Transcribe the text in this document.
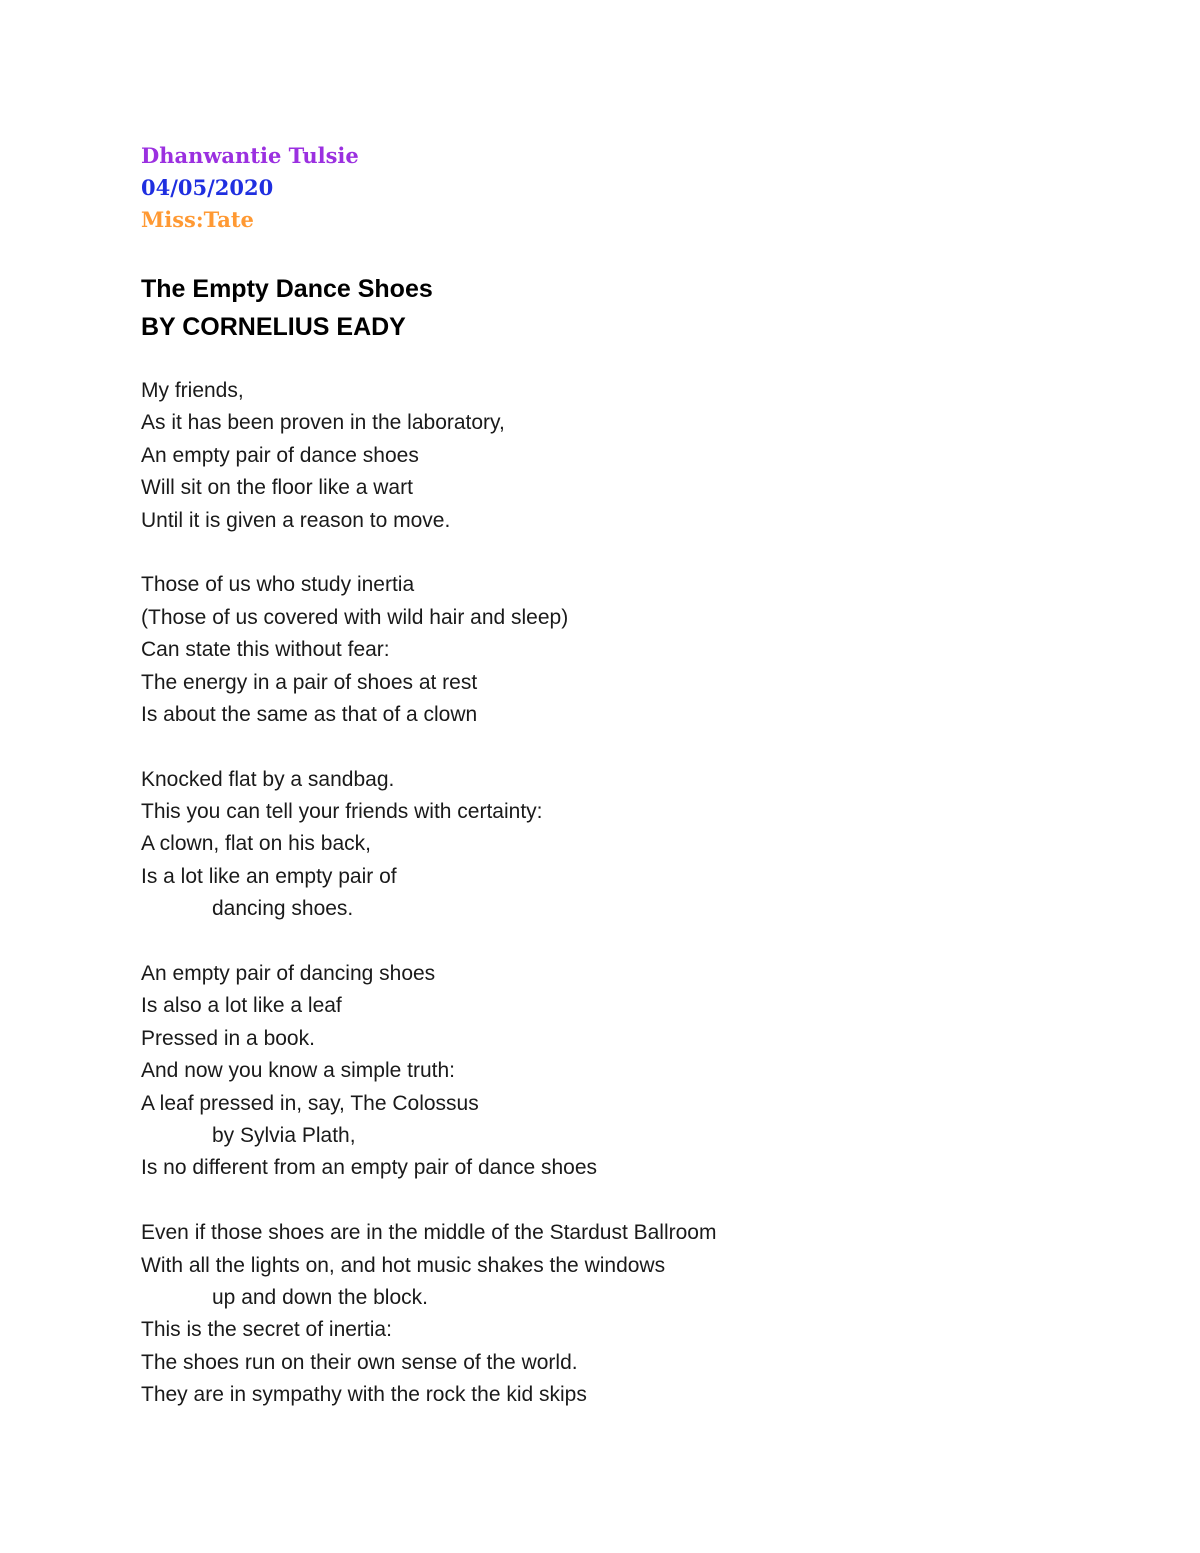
Dhanwantie Tulsie
04/05/2020
Miss:Tate
The Empty Dance Shoes
BY CORNELIUS EADY
My friends,
As it has been proven in the laboratory,
An empty pair of dance shoes
Will sit on the floor like a wart
Until it is given a reason to move.
Those of us who study inertia
(Those of us covered with wild hair and sleep)
Can state this without fear:
The energy in a pair of shoes at rest
Is about the same as that of a clown
Knocked flat by a sandbag.
This you can tell your friends with certainty:
A clown, flat on his back,
Is a lot like an empty pair of
dancing shoes.
An empty pair of dancing shoes
Is also a lot like a leaf
Pressed in a book.
And now you know a simple truth:
A leaf pressed in, say, The Colossus
by Sylvia Plath,
Is no different from an empty pair of dance shoes
Even if those shoes are in the middle of the Stardust Ballroom
With all the lights on, and hot music shakes the windows
up and down the block.
This is the secret of inertia:
The shoes run on their own sense of the world.
They are in sympathy with the rock the kid skips
